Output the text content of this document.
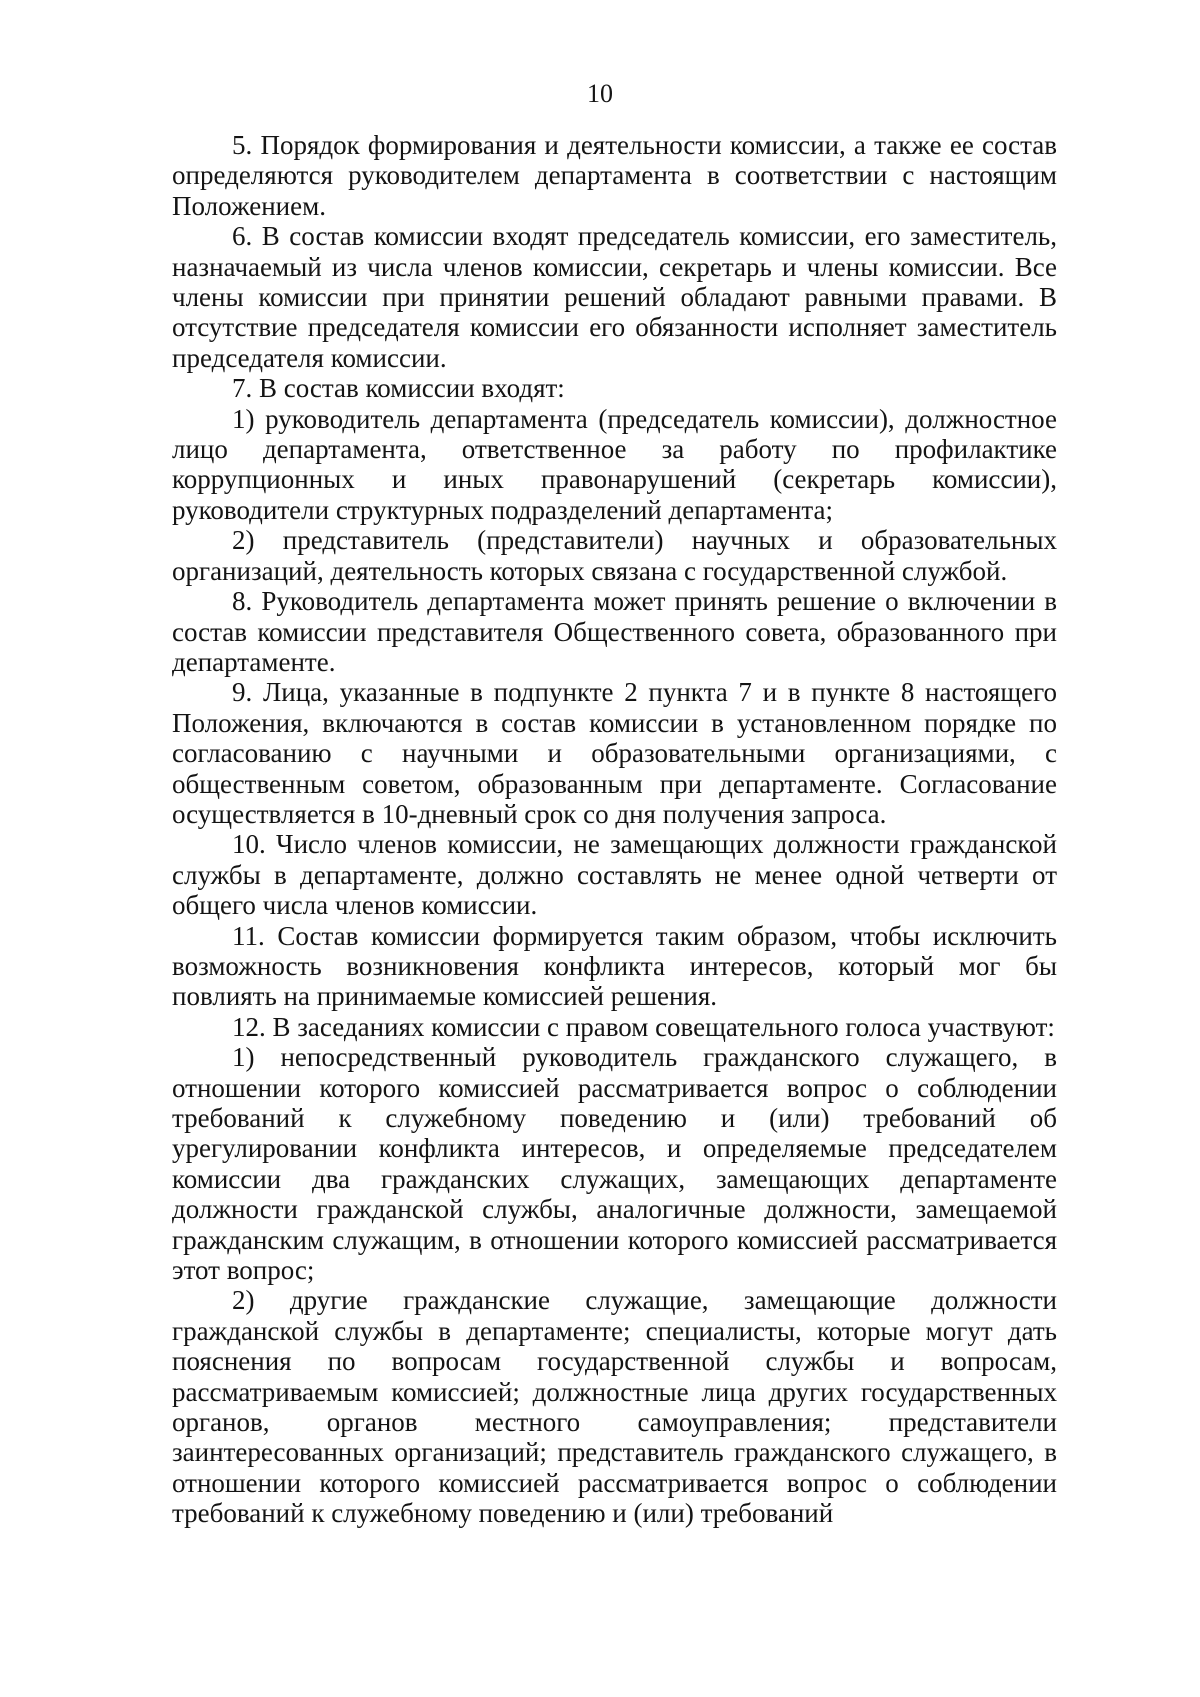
10

5. Порядок формирования и деятельности комиссии, а также ее состав определяются руководителем департамента в соответствии с настоящим Положением.

6. В состав комиссии входят председатель комиссии, его заместитель, назначаемый из числа членов комиссии, секретарь и члены комиссии. Все члены комиссии при принятии решений обладают равными правами. В отсутствие председателя комиссии его обязанности исполняет заместитель председателя комиссии.

7. В состав комиссии входят:

1) руководитель департамента (председатель комиссии), должностное лицо департамента, ответственное за работу по профилактике коррупционных и иных правонарушений (секретарь комиссии), руководители структурных подразделений департамента;

2) представитель (представители) научных и образовательных организаций, деятельность которых связана с государственной службой.

8. Руководитель департамента может принять решение о включении в состав комиссии представителя Общественного совета, образованного при департаменте.

9. Лица, указанные в подпункте 2 пункта 7 и в пункте 8 настоящего Положения, включаются в состав комиссии в установленном порядке по согласованию с научными и образовательными организациями, с общественным советом, образованным при департаменте. Согласование осуществляется в 10-дневный срок со дня получения запроса.

10. Число членов комиссии, не замещающих должности гражданской службы в департаменте, должно составлять не менее одной четверти от общего числа членов комиссии.

11. Состав комиссии формируется таким образом, чтобы исключить возможность возникновения конфликта интересов, который мог бы повлиять на принимаемые комиссией решения.

12. В заседаниях комиссии с правом совещательного голоса участвуют:

1) непосредственный руководитель гражданского служащего, в отношении которого комиссией рассматривается вопрос о соблюдении требований к служебному поведению и (или) требований об урегулировании конфликта интересов, и определяемые председателем комиссии два гражданских служащих, замещающих департаменте должности гражданской службы, аналогичные должности, замещаемой гражданским служащим, в отношении которого комиссией рассматривается этот вопрос;

2) другие гражданские служащие, замещающие должности гражданской службы в департаменте; специалисты, которые могут дать пояснения по вопросам государственной службы и вопросам, рассматриваемым комиссией; должностные лица других государственных органов, органов местного самоуправления; представители заинтересованных организаций; представитель гражданского служащего, в отношении которого комиссией рассматривается вопрос о соблюдении требований к служебному поведению и (или) требований
